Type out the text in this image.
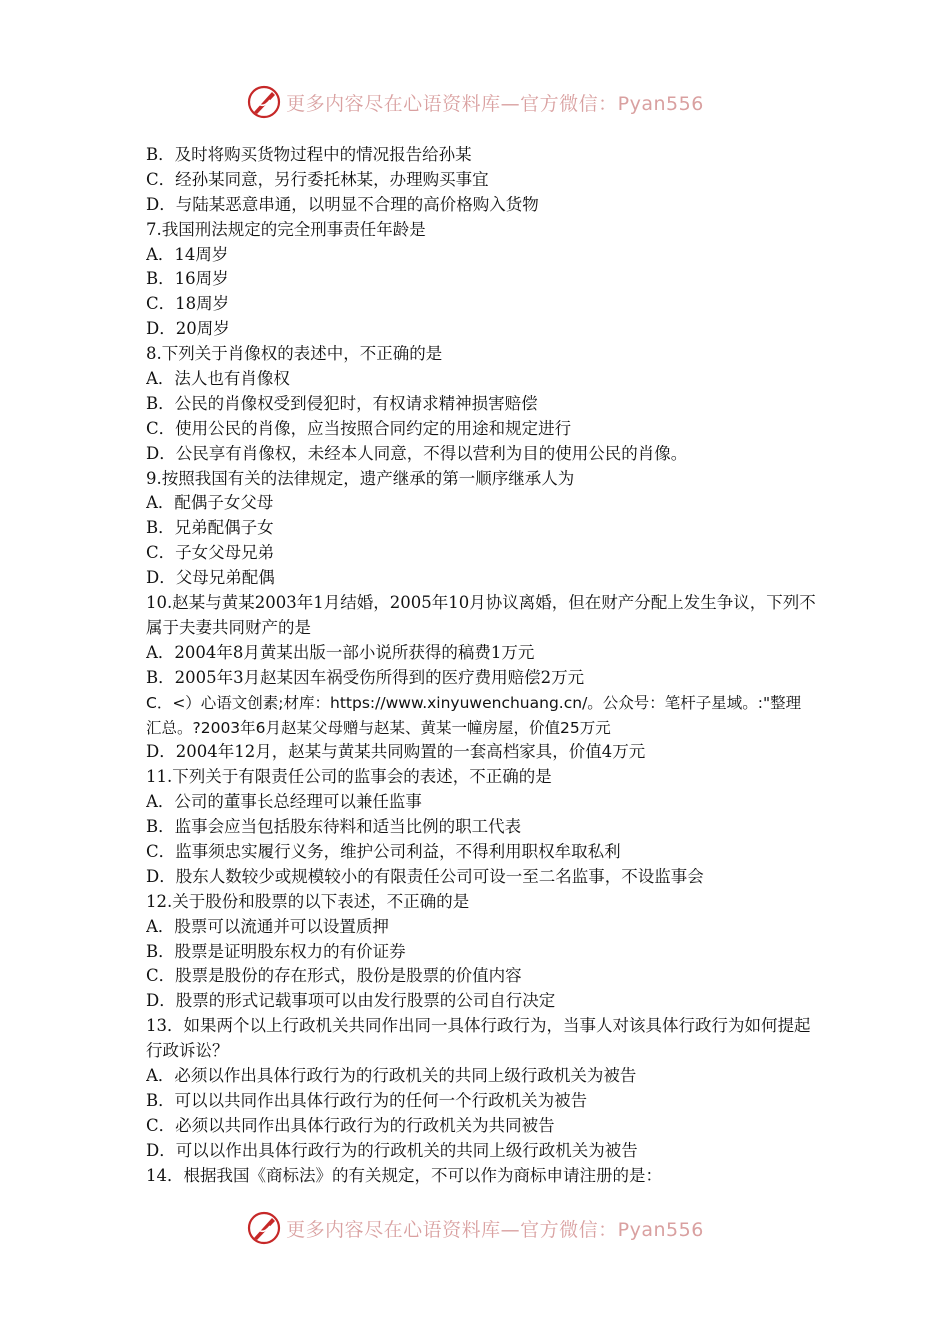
更多内容尽在心语资料库—官方微信：Pyan556
B．及时将购买货物过程中的情况报告给孙某
C．经孙某同意，另行委托林某，办理购买事宜
D．与陆某恶意串通，以明显不合理的高价格购入货物
7.我国刑法规定的完全刑事责任年龄是
A．14周岁
B．16周岁
C．18周岁
D．20周岁
8.下列关于肖像权的表述中，不正确的是
A．法人也有肖像权
B．公民的肖像权受到侵犯时，有权请求精神损害赔偿
C．使用公民的肖像，应当按照合同约定的用途和规定进行
D．公民享有肖像权，未经本人同意，不得以营利为目的使用公民的肖像。
9.按照我国有关的法律规定，遗产继承的第一顺序继承人为
A．配偶子女父母
B．兄弟配偶子女
C．子女父母兄弟
D．父母兄弟配偶
10.赵某与黄某2003年1月结婚，2005年10月协议离婚，但在财产分配上发生争议，下列不属于夫妻共同财产的是
A．2004年8月黄某出版一部小说所获得的稿费1万元
B．2005年3月赵某因车祸受伤所得到的医疗费用赔偿2万元
C．<）心语文创素;材库：https://www.xinyuwenchuang.cn/。公众号：笔杆子星域。:"整理汇总。?2003年6月赵某父母赠与赵某、黄某一幢房屋，价值25万元
D．2004年12月，赵某与黄某共同购置的一套高档家具，价值4万元
11.下列关于有限责任公司的监事会的表述，不正确的是
A．公司的董事长总经理可以兼任监事
B．监事会应当包括股东待料和适当比例的职工代表
C．监事须忠实履行义务，维护公司利益，不得利用职权牟取私利
D．股东人数较少或规模较小的有限责任公司可设一至二名监事，不设监事会
12.关于股份和股票的以下表述，不正确的是
A．股票可以流通并可以设置质押
B．股票是证明股东权力的有价证券
C．股票是股份的存在形式，股份是股票的价值内容
D．股票的形式记载事项可以由发行股票的公司自行决定
13．如果两个以上行政机关共同作出同一具体行政行为，当事人对该具体行政行为如何提起行政诉讼？
A．必须以作出具体行政行为的行政机关的共同上级行政机关为被告
B．可以以共同作出具体行政行为的任何一个行政机关为被告
C．必须以共同作出具体行政行为的行政机关为共同被告
D．可以以作出具体行政行为的行政机关的共同上级行政机关为被告
14．根据我国《商标法》的有关规定，不可以作为商标申请注册的是：
更多内容尽在心语资料库—官方微信：Pyan556
